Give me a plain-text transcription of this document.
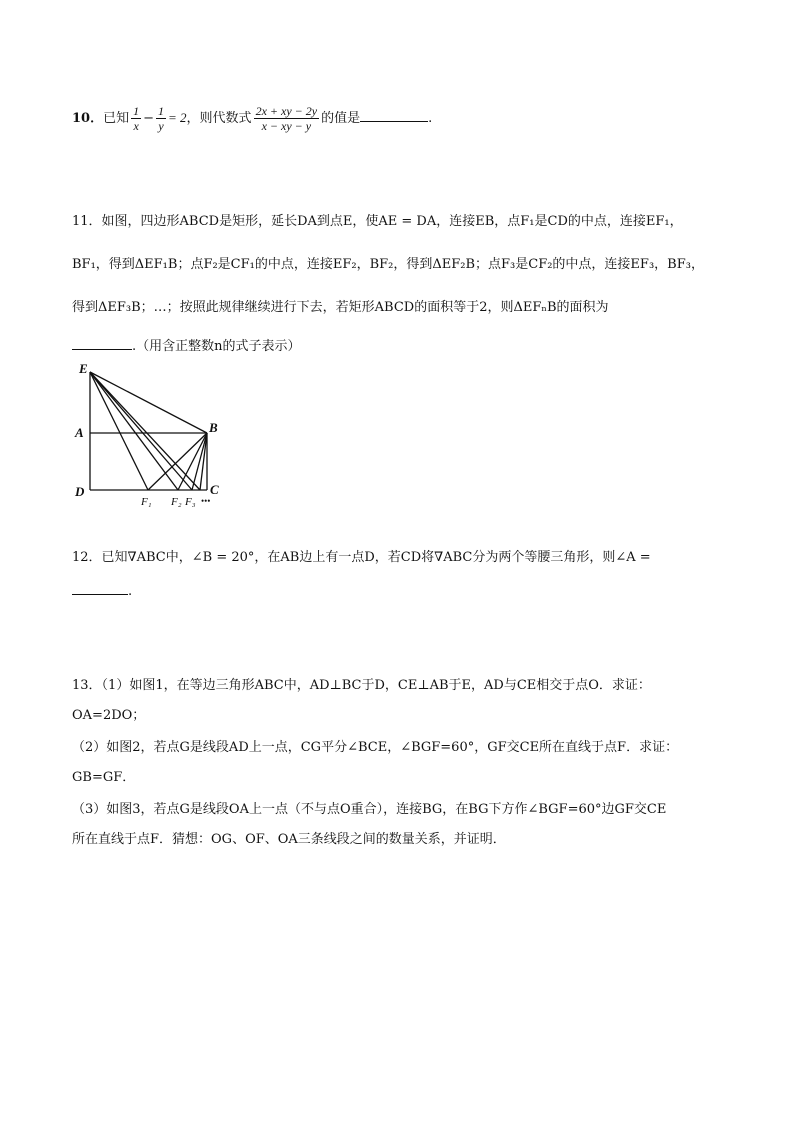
10．已知 $\frac{1}{x} - \frac{1}{y} = 2$，则代数式 $\frac{2x + xy - 2y}{x - xy - y}$ 的值是	.
11．如图，四边形ABCD是矩形，延长DA到点E，使AE = DA，连接EB，点F₁是CD的中点，连接EF₁，
BF₁，得到ΔEF₁B；点F₂是CF₁的中点，连接EF₂，BF₂，得到ΔEF₂B；点F₃是CF₂的中点，连接EF₃，BF₃，
得到ΔEF₃B；…；按照此规律继续进行下去，若矩形ABCD的面积等于2，则ΔEFₙB的面积为
.（用含正整数n的式子表示）
E
A	B
D	C
F₁ F₂ F₃ •••
12．已知∇ABC中，∠B = 20°，在AB边上有一点D，若CD将∇ABC分为两个等腰三角形，则∠A =
.
13．（1）如图1，在等边三角形ABC中，AD⊥BC于D，CE⊥AB于E，AD与CE相交于点O．求证：
OA=2DO；
（2）如图2，若点G是线段AD上一点，CG平分∠BCE，∠BGF=60°，GF交CE所在直线于点F．求证：
GB=GF．
（3）如图3，若点G是线段OA上一点（不与点O重合），连接BG，在BG下方作∠BGF=60°边GF交CE
所在直线于点F．猜想：OG、OF、OA三条线段之间的数量关系，并证明．
